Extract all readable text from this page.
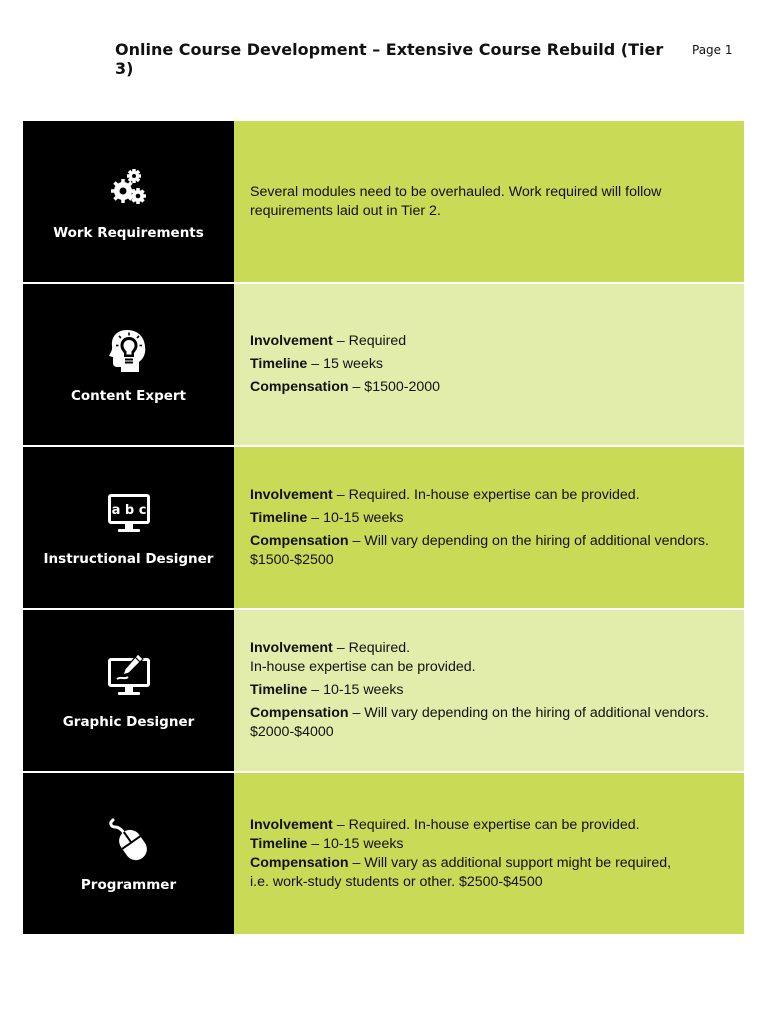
Online Course Development – Extensive Course Rebuild (Tier 3)
Page 1
Work Requirements
Several modules need to be overhauled. Work required will follow
requirements laid out in Tier 2.
Content Expert
Involvement – Required
Timeline – 15 weeks
Compensation – $1500-2000
a b c
Instructional Designer
Involvement – Required. In-house expertise can be provided.
Timeline – 10-15 weeks
Compensation – Will vary depending on the hiring of additional vendors.
$1500-$2500
Graphic Designer
Involvement – Required.
In-house expertise can be provided.
Timeline – 10-15 weeks
Compensation – Will vary depending on the hiring of additional vendors.
$2000-$4000
Programmer
Involvement – Required. In-house expertise can be provided.
Timeline – 10-15 weeks
Compensation – Will vary as additional support might be required,
i.e. work-study students or other. $2500-$4500
